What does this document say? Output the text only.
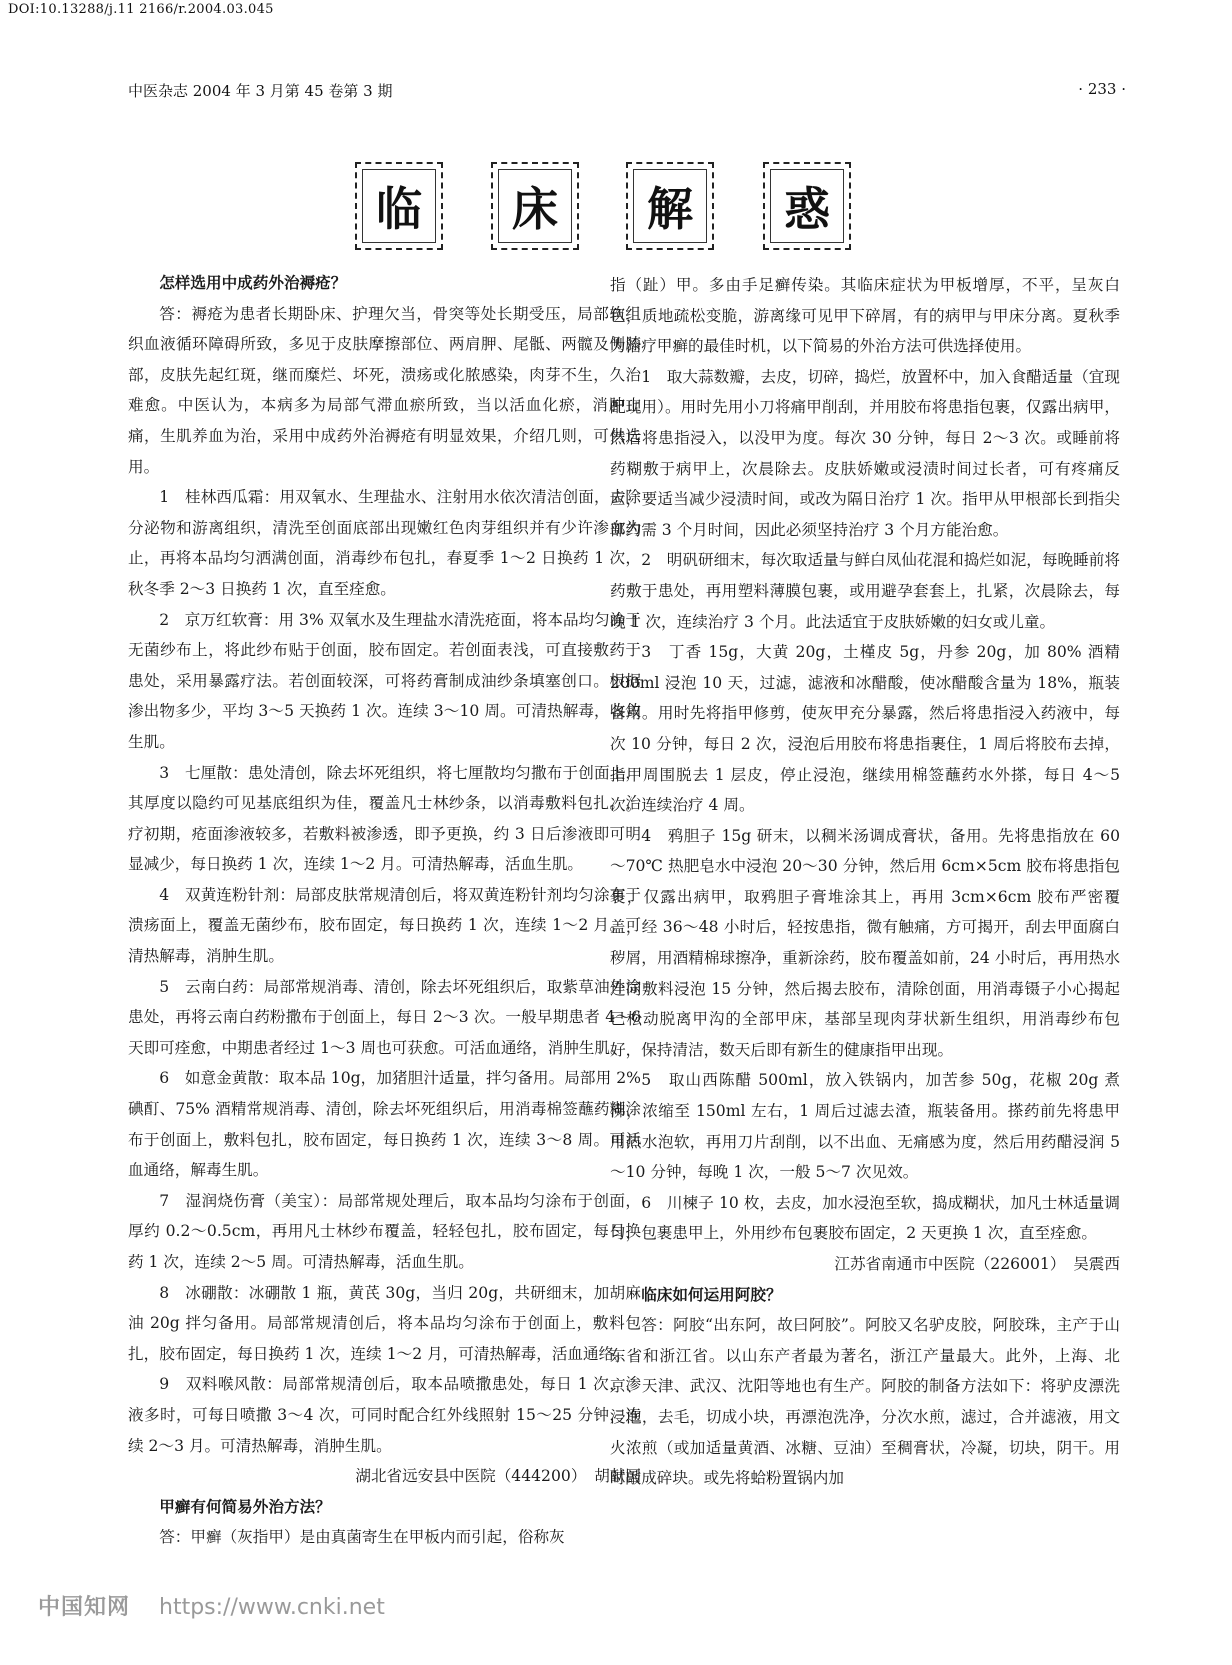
DOI:10.13288/j.11 2166/r.2004.03.045
中医杂志 2004 年 3 月第 45 卷第 3 期	· 233 ·
临	床	解	惑

怎样选用中成药外治褥疮？

答：褥疮为患者长期卧床、护理欠当，骨突等处长期受压，局部软组织血液循环障碍所致，多见于皮肤摩擦部位、两肩胛、尾骶、两髋及侧膝部，皮肤先起红斑，继而糜烂、坏死，溃疡或化脓感染，肉芽不生，久治难愈。中医认为，本病多为局部气滞血瘀所致，当以活血化瘀，消肿止痛，生肌养血为治，采用中成药外治褥疮有明显效果，介绍几则，可供选用。

1　桂林西瓜霜：用双氧水、生理盐水、注射用水依次清洁创面，去除分泌物和游离组织，清洗至创面底部出现嫩红色肉芽组织并有少许渗血为止，再将本品均匀洒满创面，消毒纱布包扎，春夏季 1～2 日换药 1 次，秋冬季 2～3 日换药 1 次，直至痊愈。

2　京万红软膏：用 3% 双氧水及生理盐水清洗疮面，将本品均匀涂于无菌纱布上，将此纱布贴于创面，胶布固定。若创面表浅，可直接敷药于患处，采用暴露疗法。若创面较深，可将药膏制成油纱条填塞创口。根据渗出物多少，平均 3～5 天换药 1 次。连续 3～10 周。可清热解毒，收敛生肌。

3　七厘散：患处清创，除去坏死组织，将七厘散均匀撒布于创面上，其厚度以隐约可见基底组织为佳，覆盖凡士林纱条，以消毒敷料包扎。治疗初期，疮面渗液较多，若敷料被渗透，即予更换，约 3 日后渗液即可明显减少，每日换药 1 次，连续 1～2 月。可清热解毒，活血生肌。

4　双黄连粉针剂：局部皮肤常规清创后，将双黄连粉针剂均匀涂布于溃疡面上，覆盖无菌纱布，胶布固定，每日换药 1 次，连续 1～2 月。可清热解毒，消肿生肌。

5　云南白药：局部常规消毒、清创，除去坏死组织后，取紫草油外涂患处，再将云南白药粉撒布于创面上，每日 2～3 次。一般早期患者 4～6 天即可痊愈，中期患者经过 1～3 周也可获愈。可活血通络，消肿生肌。

6　如意金黄散：取本品 10g，加猪胆汁适量，拌匀备用。局部用 2% 碘酊、75% 酒精常规消毒、清创，除去坏死组织后，用消毒棉签蘸药糊涂布于创面上，敷料包扎，胶布固定，每日换药 1 次，连续 3～8 周。可活血通络，解毒生肌。

7　湿润烧伤膏（美宝）：局部常规处理后，取本品均匀涂布于创面，厚约 0.2～0.5cm，再用凡士林纱布覆盖，轻轻包扎，胶布固定，每日换药 1 次，连续 2～5 周。可清热解毒，活血生肌。

8　冰硼散：冰硼散 1 瓶，黄芪 30g，当归 20g，共研细末，加胡麻油 20g 拌匀备用。局部常规清创后，将本品均匀涂布于创面上，敷料包扎，胶布固定，每日换药 1 次，连续 1～2 月，可清热解毒，活血通络。

9　双料喉风散：局部常规清创后，取本品喷撒患处，每日 1 次，渗液多时，可每日喷撒 3～4 次，可同时配合红外线照射 15～25 分钟，连续 2～3 月。可清热解毒，消肿生肌。

湖北省远安县中医院（444200）　胡献国

甲癣有何简易外治方法？

答：甲癣（灰指甲）是由真菌寄生在甲板内而引起，俗称灰

指（趾）甲。多由手足癣传染。其临床症状为甲板增厚，不平，呈灰白色，质地疏松变脆，游离缘可见甲下碎屑，有的病甲与甲床分离。夏秋季为治疗甲癣的最佳时机，以下简易的外治方法可供选择使用。

1　取大蒜数瓣，去皮，切碎，捣烂，放置杯中，加入食醋适量（宜现配现用）。用时先用小刀将痛甲削刮，并用胶布将患指包裹，仅露出病甲，然后将患指浸入，以没甲为度。每次 30 分钟，每日 2～3 次。或睡前将药糊敷于病甲上，次晨除去。皮肤娇嫩或浸渍时间过长者，可有疼痛反应，要适当减少浸渍时间，或改为隔日治疗 1 次。指甲从甲根部长到指尖部约需 3 个月时间，因此必须坚持治疗 3 个月方能治愈。

2　明矾研细末，每次取适量与鲜白凤仙花混和捣烂如泥，每晚睡前将药敷于患处，再用塑料薄膜包裹，或用避孕套套上，扎紧，次晨除去，每晚 1 次，连续治疗 3 个月。此法适宜于皮肤娇嫩的妇女或儿童。

3　丁香 15g，大黄 20g，土槿皮 5g，丹参 20g，加 80% 酒精 200ml 浸泡 10 天，过滤，滤液和冰醋酸，使冰醋酸含量为 18%，瓶装备用。用时先将指甲修剪，使灰甲充分暴露，然后将患指浸入药液中，每次 10 分钟，每日 2 次，浸泡后用胶布将患指裹住，1 周后将胶布去掉，指甲周围脱去 1 层皮，停止浸泡，继续用棉签蘸药水外搽，每日 4～5 次。连续治疗 4 周。

4　鸦胆子 15g 研末，以稠米汤调成膏状，备用。先将患指放在 60～70℃ 热肥皂水中浸泡 20～30 分钟，然后用 6cm×5cm 胶布将患指包裹，仅露出病甲，取鸦胆子膏堆涂其上，再用 3cm×6cm 胶布严密覆盖，经 36～48 小时后，轻按患指，微有触痛，方可揭开，刮去甲面腐白秽屑，用酒精棉球擦净，重新涂药，胶布覆盖如前，24 小时后，再用热水连同敷料浸泡 15 分钟，然后揭去胶布，清除创面，用消毒镊子小心揭起已松动脱离甲沟的全部甲床，基部呈现肉芽状新生组织，用消毒纱布包好，保持清洁，数天后即有新生的健康指甲出现。

5　取山西陈醋 500ml，放入铁锅内，加苦参 50g，花椒 20g 煮沸，浓缩至 150ml 左右，1 周后过滤去渣，瓶装备用。搽药前先将患甲用热水泡软，再用刀片刮削，以不出血、无痛感为度，然后用药醋浸润 5～10 分钟，每晚 1 次，一般 5～7 次见效。

6　川楝子 10 枚，去皮，加水浸泡至软，捣成糊状，加凡士林适量调匀，包裹患甲上，外用纱布包裹胶布固定，2 天更换 1 次，直至痊愈。

江苏省南通市中医院（226001）　吴震西

临床如何运用阿胶？

答：阿胶“出东阿，故曰阿胶”。阿胶又名驴皮胶，阿胶珠，主产于山东省和浙江省。以山东产者最为著名，浙江产量最大。此外，上海、北京、天津、武汉、沈阳等地也有生产。阿胶的制备方法如下：将驴皮漂洗浸泡，去毛，切成小块，再漂泡洗净，分次水煎，滤过，合并滤液，用文火浓煎（或加适量黄酒、冰糖、豆油）至稠膏状，冷凝，切块，阴干。用时敲成碎块。或先将蛤粉置锅内加

中国知网 https://www.cnki.net
